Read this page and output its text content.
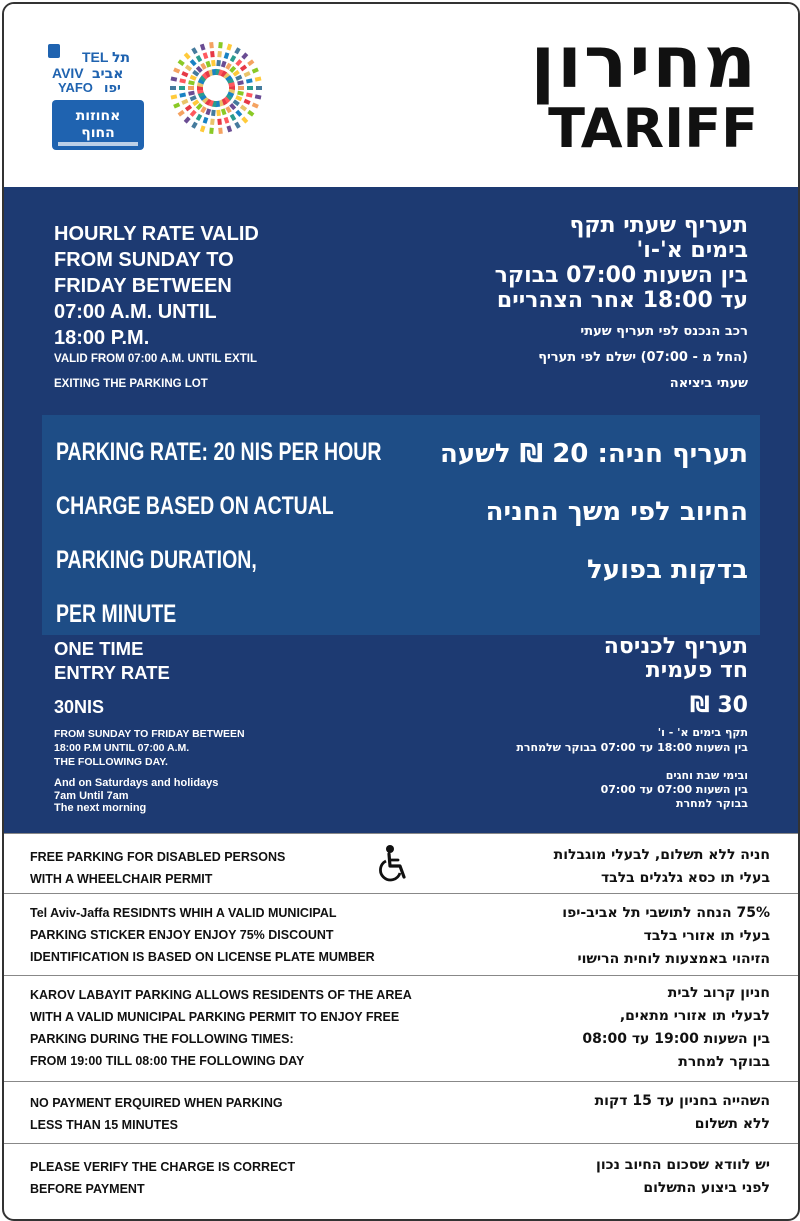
TEL תל
AVIV אביב
YAFO יפו
אחוזות
החוף
מחירון
TARIFF
HOURLY RATE VALID
FROM SUNDAY TO
FRIDAY BETWEEN
07:00 A.M. UNTIL
18:00 P.M.
VALID FROM 07:00 A.M. UNTIL EXTIL
EXITING THE PARKING LOT
תעריף שעתי תקף
בימים א'-ו'
בין השעות 07:00 בבוקר
עד 18:00 אחר הצהריים
רכב הנכנס לפי תעריף שעתי
(החל מ - 07:00) ישלם לפי תעריף
שעתי ביציאה
PARKING RATE: 20 NIS PER HOUR
CHARGE BASED ON ACTUAL
PARKING DURATION,
PER MINUTE
תעריף חניה: 20 ₪ לשעה
החיוב לפי משך החניה
בדקות בפועל
ONE TIME
ENTRY RATE
30NIS
FROM SUNDAY TO FRIDAY BETWEEN
18:00 P.M UNTIL 07:00 A.M.
THE FOLLOWING DAY.
And on Saturdays and holidays
7am Until 7am
The next morning
תעריף לכניסה
חד פעמית
30 ₪
תקף בימים א' - ו'
בין השעות 18:00 עד 07:00 בבוקר שלמחרת
ובימי שבת וחגים
בין השעות 07:00 עד 07:00
בבוקר למחרת
FREE PARKING FOR DISABLED PERSONS
WITH A WHEELCHAIR PERMIT
חניה ללא תשלום, לבעלי מוגבלות
בעלי תו כסא גלגלים בלבד
Tel Aviv-Jaffa RESIDNTS WHIH A VALID MUNICIPAL
PARKING STICKER ENJOY ENJOY 75% DISCOUNT
IDENTIFICATION IS BASED ON LICENSE PLATE MUMBER
75% הנחה לתושבי תל אביב-יפו
בעלי תו אזורי בלבד
הזיהוי באמצעות לוחית הרישוי
KAROV LABAYIT PARKING ALLOWS RESIDENTS OF THE AREA
WITH A VALID MUNICIPAL PARKING PERMIT TO ENJOY FREE
PARKING DURING THE FOLLOWING TIMES:
FROM 19:00 TILL 08:00 THE FOLLOWING DAY
חניון קרוב לבית
לבעלי תו אזורי מתאים,
בין השעות 19:00 עד 08:00
בבוקר למחרת
NO PAYMENT ERQUIRED WHEN PARKING
LESS THAN 15 MINUTES
השהייה בחניון עד 15 דקות
ללא תשלום
PLEASE VERIFY THE CHARGE IS CORRECT
BEFORE PAYMENT
יש לוודא שסכום החיוב נכון
לפני ביצוע התשלום
